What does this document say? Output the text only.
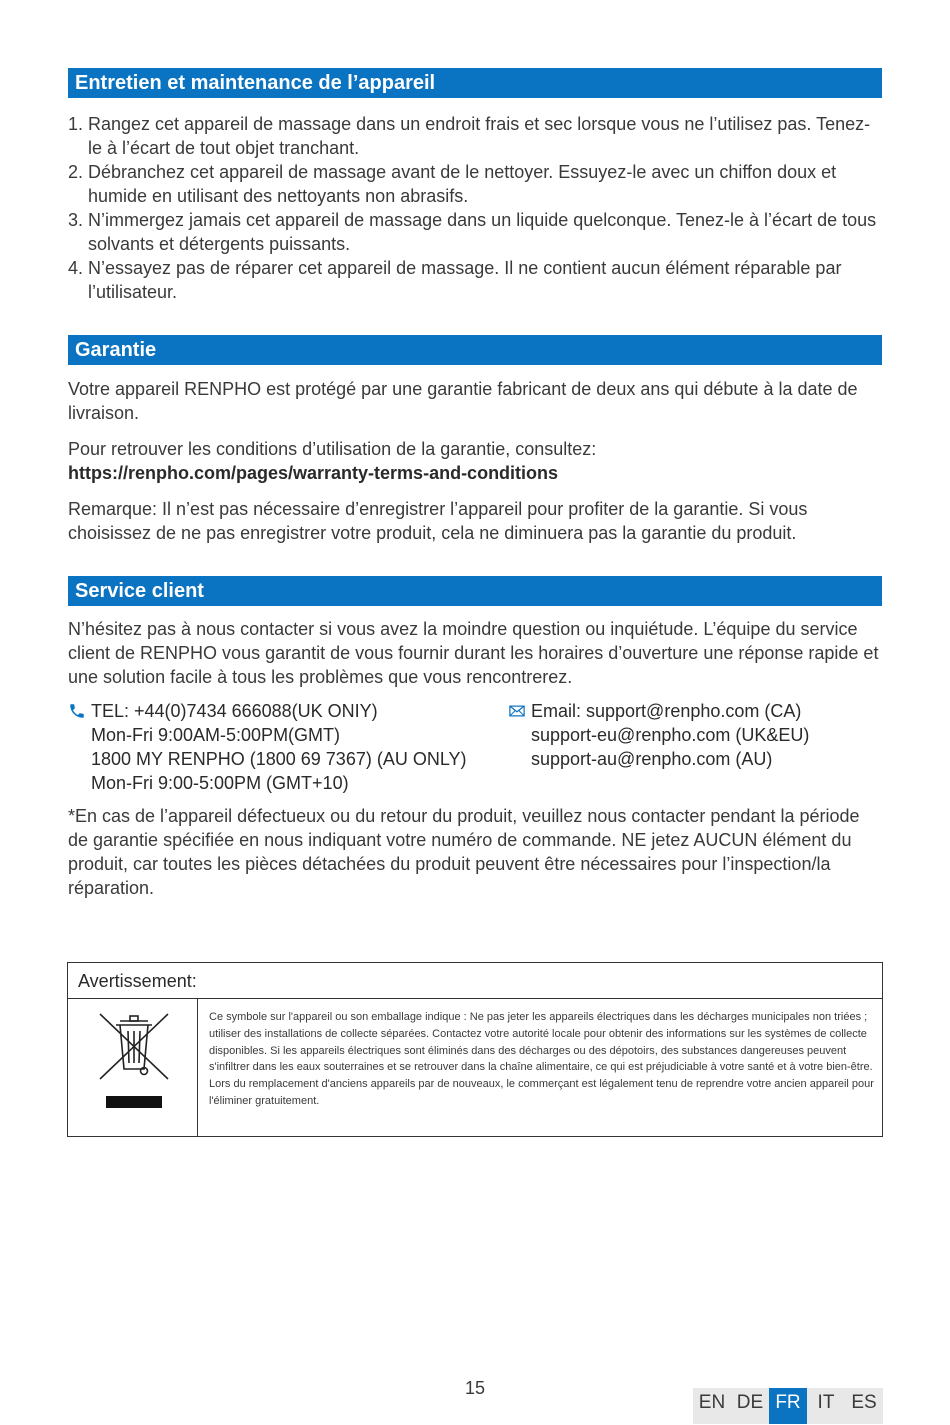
Entretien et maintenance de l’appareil
1. Rangez cet appareil de massage dans un endroit frais et sec lorsque vous ne l’utilisez pas. Tenez-le à l’écart de tout objet tranchant.
2. Débranchez cet appareil de massage avant de le nettoyer. Essuyez-le avec un chiffon doux et humide en utilisant des nettoyants non abrasifs.
3. N’immergez jamais cet appareil de massage dans un liquide quelconque. Tenez-le à l’écart de tous solvants et détergents puissants.
4. N’essayez pas de réparer cet appareil de massage. Il ne contient aucun élément réparable par l’utilisateur.
Garantie

Votre appareil RENPHO est protégé par une garantie fabricant de deux ans qui débute à la date de livraison.

Pour retrouver les conditions d’utilisation de la garantie, consultez:
https://renpho.com/pages/warranty-terms-and-conditions

Remarque: Il n’est pas nécessaire d’enregistrer l’appareil pour profiter de la garantie. Si vous choisissez de ne pas enregistrer votre produit, cela ne diminuera pas la garantie du produit.

Service client

N’hésitez pas à nous contacter si vous avez la moindre question ou inquiétude. L’équipe du service client de RENPHO vous garantit de vous fournir durant les horaires d’ouverture une réponse rapide et une solution facile à tous les problèmes que vous rencontrerez.

TEL: +44(0)7434 666088(UK ONIY)
Mon-Fri 9:00AM-5:00PM(GMT)
1800 MY RENPHO (1800 69 7367) (AU ONLY)
Mon-Fri 9:00-5:00PM (GMT+10)
Email: support@renpho.com (CA)
support-eu@renpho.com (UK&EU)
support-au@renpho.com (AU)

*En cas de l’appareil défectueux ou du retour du produit, veuillez nous contacter pendant la période de garantie spécifiée en nous indiquant votre numéro de commande. NE jetez AUCUN élément du produit, car toutes les pièces détachées du produit peuvent être nécessaires pour l’inspection/la réparation.

Avertissement:

Ce symbole sur l'appareil ou son emballage indique : Ne pas jeter les appareils électriques dans les décharges municipales non triées ; utiliser des installations de collecte séparées. Contactez votre autorité locale pour obtenir des informations sur les systèmes de collecte disponibles. Si les appareils électriques sont éliminés dans des décharges ou des dépotoirs, des substances dangereuses peuvent s'infiltrer dans les eaux souterraines et se retrouver dans la chaîne alimentaire, ce qui est préjudiciable à votre santé et à votre bien-être. Lors du remplacement d'anciens appareils par de nouveaux, le commerçant est légalement tenu de reprendre votre ancien appareil pour l'éliminer gratuitement.

15
EN DE FR IT ES
